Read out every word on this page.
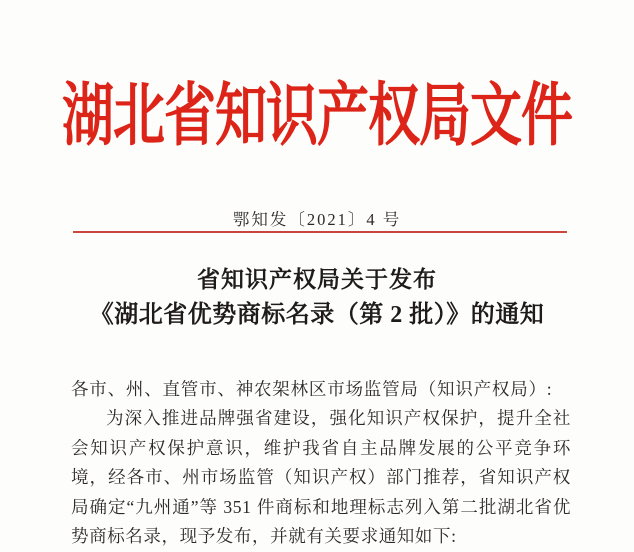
湖北省知识产权局文件
鄂知发〔2021〕4 号
省知识产权局关于发布
《湖北省优势商标名录（第 2 批）》的通知
各市、州、直管市、神农架林区市场监管局（知识产权局）:

为深入推进品牌强省建设，强化知识产权保护，提升全社会知识产权保护意识，维护我省自主品牌发展的公平竞争环境，经各市、州市场监管（知识产权）部门推荐，省知识产权局确定“九州通”等 351 件商标和地理标志列入第二批湖北省优势商标名录，现予发布，并就有关要求通知如下:
